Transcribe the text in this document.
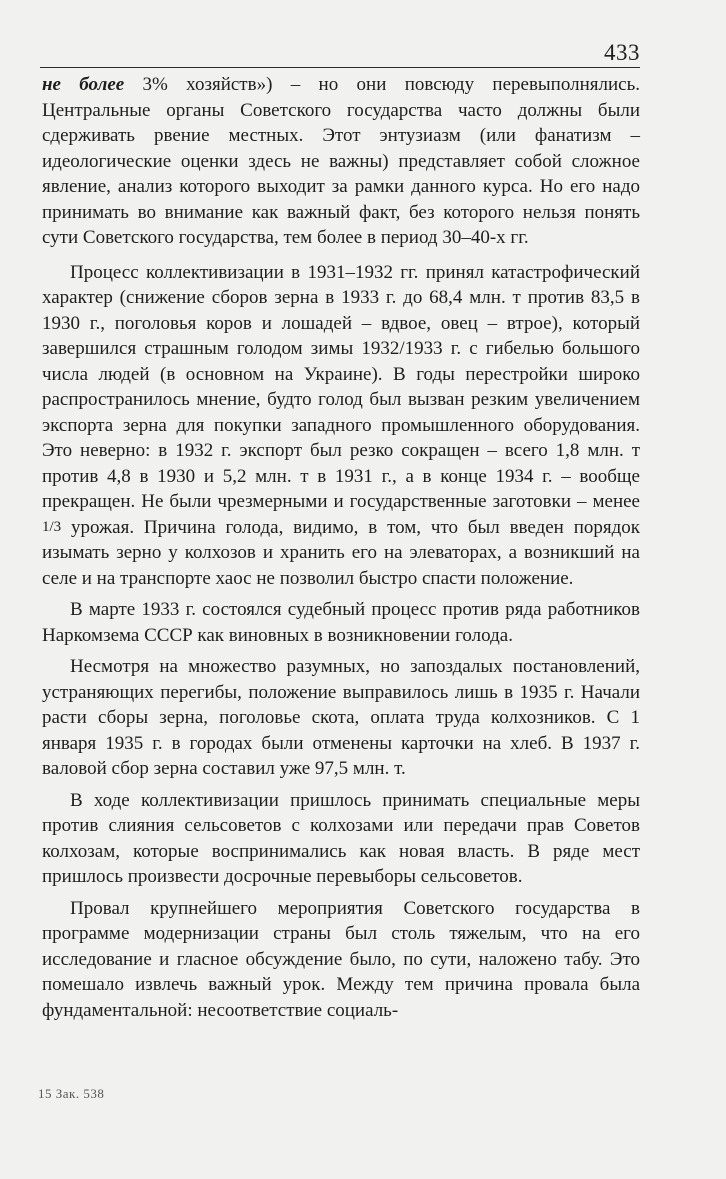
433

не более 3% хозяйств») – но они повсюду перевыполнялись. Центральные органы Советского государства часто должны были сдерживать рвение местных. Этот энтузиазм (или фанатизм – идеологические оценки здесь не важны) представляет собой сложное явление, анализ которого выходит за рамки данного курса. Но его надо принимать во внимание как важный факт, без которого нельзя понять сути Советского государства, тем более в период 30–40-х гг.

Процесс коллективизации в 1931–1932 гг. принял катастрофический характер (снижение сборов зерна в 1933 г. до 68,4 млн. т против 83,5 в 1930 г., поголовья коров и лошадей – вдвое, овец – втрое), который завершился страшным голодом зимы 1932/1933 г. с гибелью большого числа людей (в основном на Украине). В годы перестройки широко распространилось мнение, будто голод был вызван резким увеличением экспорта зерна для покупки западного промышленного оборудования. Это неверно: в 1932 г. экспорт был резко сокращен – всего 1,8 млн. т против 4,8 в 1930 и 5,2 млн. т в 1931 г., а в конце 1934 г. – вообще прекращен. Не были чрезмерными и государственные заготовки – менее 1/3 урожая. Причина голода, видимо, в том, что был введен порядок изымать зерно у колхозов и хранить его на элеваторах, а возникший на селе и на транспорте хаос не позволил быстро спасти положение.

В марте 1933 г. состоялся судебный процесс против ряда работников Наркомзема СССР как виновных в возникновении голода.

Несмотря на множество разумных, но запоздалых постановлений, устраняющих перегибы, положение выправилось лишь в 1935 г. Начали расти сборы зерна, поголовье скота, оплата труда колхозников. С 1 января 1935 г. в городах были отменены карточки на хлеб. В 1937 г. валовой сбор зерна составил уже 97,5 млн. т.

В ходе коллективизации пришлось принимать специальные меры против слияния сельсоветов с колхозами или передачи прав Советов колхозам, которые воспринимались как новая власть. В ряде мест пришлось произвести досрочные перевыборы сельсоветов.

Провал крупнейшего мероприятия Советского государства в программе модернизации страны был столь тяжелым, что на его исследование и гласное обсуждение было, по сути, наложено табу. Это помешало извлечь важный урок. Между тем причина провала была фундаментальной: несоответствие социаль-

15 Зак. 538
